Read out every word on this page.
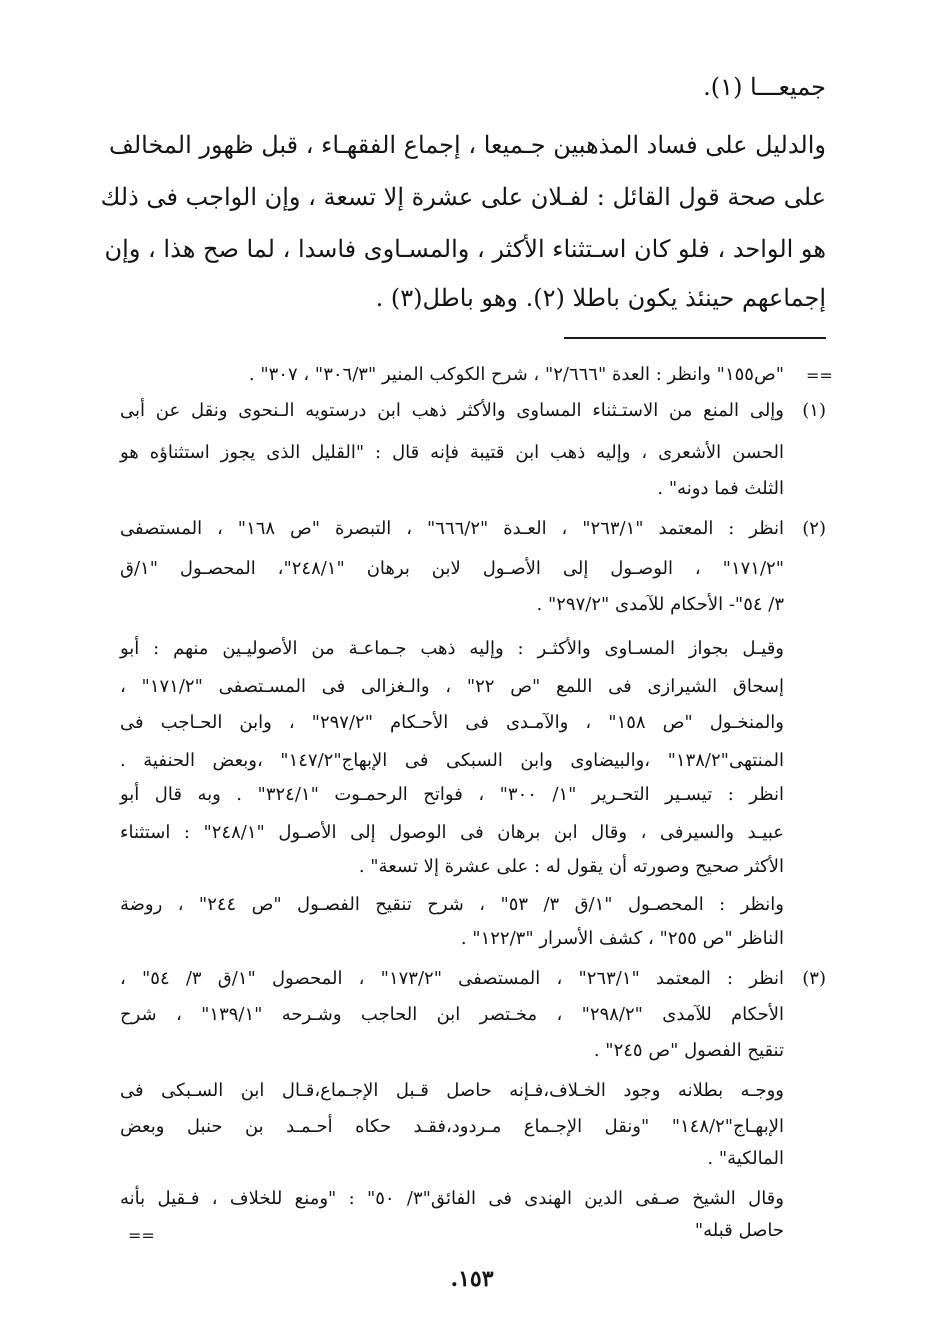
جميعـــا (١).
والدليل على فساد المذهبين جـميعا ، إجماع الفقهـاء ، قبل ظهور المخالف
على صحة قول القائل : لفـلان على عشرة إلا تسعة ، وإن الواجب فى ذلك
هو الواحد ، فلو كان اسـتثناء الأكثر ، والمسـاوى فاسدا ، لما صح هذا ، وإن
إجماعهم حينئذ يكون باطلا (٢). وهو باطل(٣) .
==
"ص١٥٥" وانظر : العدة "٢/٦٦٦" ، شرح الكوكب المنير "٣٠٦/٣" ، ٣٠٧" .
(١)
وإلى المنع من الاستـثناء المساوى والأكثر ذهب ابن درستويه الـنحوى ونقل عن أبى
الحسن الأشعرى ، وإليه ذهب ابن قتيبة فإنه قال : "القليل الذى يجوز استثناؤه هو
الثلث فما دونه" .
(٢)
انظر : المعتمد "٢٦٣/١" ، العـدة "٦٦٦/٢" ، التبصرة "ص ١٦٨" ، المستصفى
"١٧١/٢" ، الوصـول إلى الأصـول لابن برهان "٢٤٨/١"، المحصـول "١/ق
٣/ ٥٤"- الأحكام للآمدى "٢٩٧/٢" .
وقيـل بجواز المسـاوى والأكثـر : وإليه ذهب جـماعـة من الأصوليـين منهم : أبو
إسحاق الشيرازى فى اللمع "ص ٢٢" ، والـغزالى فى المسـتصفى "١٧١/٢" ،
والمنخـول "ص ١٥٨" ، والآمـدى فى الأحـكام "٢٩٧/٢" ، وابن الحـاجب فى
المنتهى"١٣٨/٢" ،والبيضاوى وابن السبكى فى الإبهاج"١٤٧/٢" ،وبعض الحنفية .
انظر : تيسـير التحـرير "١/ ٣٠٠" ، فواتح الرحمـوت "٣٢٤/١" . وبه قال أبو
عبيـد والسيرفى ، وقال ابن برهان فى الوصول إلى الأصـول "٢٤٨/١" : استثناء
الأكثر صحيح وصورته أن يقول له : على عشرة إلا تسعة" .
وانظر : المحصـول "١/ق ٣/ ٥٣" ، شرح تنقيح الفصـول "ص ٢٤٤" ، روضة
الناظر "ص ٢٥٥" ، كشف الأسرار "١٢٢/٣" .
(٣)
انظر : المعتمد "٢٦٣/١" ، المستصفى "١٧٣/٢" ، المحصول "١/ق ٣/ ٥٤" ،
الأحكام للآمدى "٢٩٨/٢" ، مخـتصر ابن الحاجب وشـرحه "١٣٩/١" ، شرح
تنقيح الفصول "ص ٢٤٥" .
ووجـه بطلانه وجود الخـلاف،فـإنه حاصل قـبل الإجـماع،قـال ابن السـبكى فى
الإبهـاج"١٤٨/٢" "ونقل الإجـماع مـردود،فقـد حكاه أحـمـد بن حنبل وبعض
المالكية" .
وقال الشيخ صـفى الدين الهندى فى الفائق"٣/ ٥٠" : "ومنع للخلاف ، فـقيل بأنه
حاصل قبله"
==
١٥٣.
